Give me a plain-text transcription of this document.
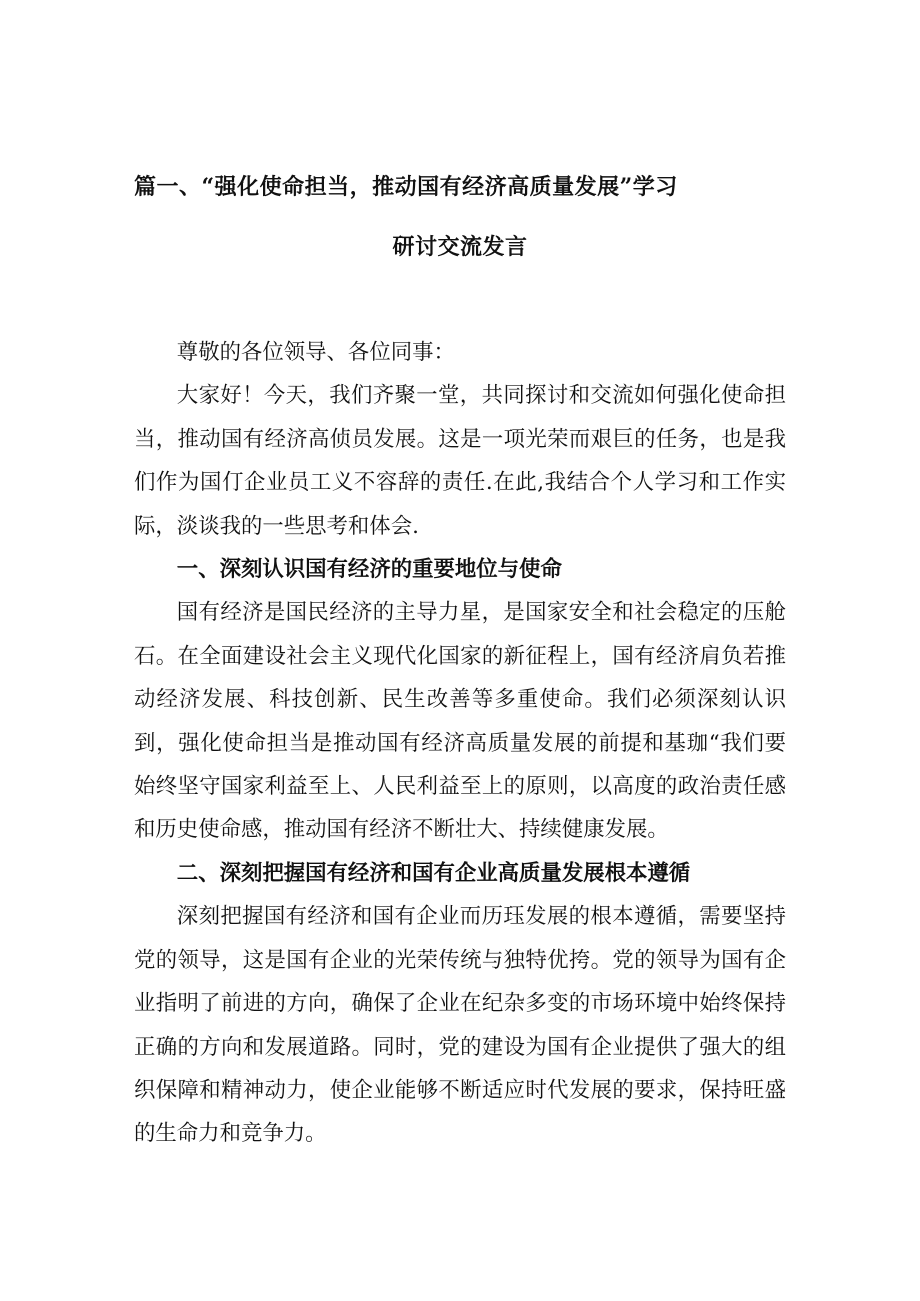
篇一、“强化使命担当，推动国有经济高质量发展”学习
研讨交流发言

尊敬的各位领导、各位同事：

大家好！今天，我们齐聚一堂，共同探讨和交流如何强化使命担当，推动国有经济高侦员发展。这是一项光荣而艰巨的任务，也是我们作为国仃企业员工义不容辞的责任.在此,我结合个人学习和工作实际，淡谈我的一些思考和体会.

一、深刻认识国有经济的重要地位与使命

国有经济是国民经济的主导力星，是国家安全和社会稳定的压舱石。在全面建设社会主义现代化国家的新征程上，国有经济肩负若推动经济发展、科技创新、民生改善等多重使命。我们必须深刻认识到，强化使命担当是推动国有经济高质量发展的前提和基珈“我们要始终坚守国家利益至上、人民利益至上的原则，以高度的政治责任感和历史使命感，推动国有经济不断壮大、持续健康发展。

二、深刻把握国有经济和国有企业高质量发展根本遵循

深刻把握国有经济和国有企业而历珏发展的根本遵循，需要坚持党的领导，这是国有企业的光荣传统与独特优挎。党的领导为国有企业指明了前进的方向，确保了企业在纪杂多变的市场环境中始终保持正确的方向和发展道路。同时，党的建设为国有企业提供了强大的组织保障和精神动力，使企业能够不断适应时代发展的要求，保持旺盛的生命力和竞争力。
